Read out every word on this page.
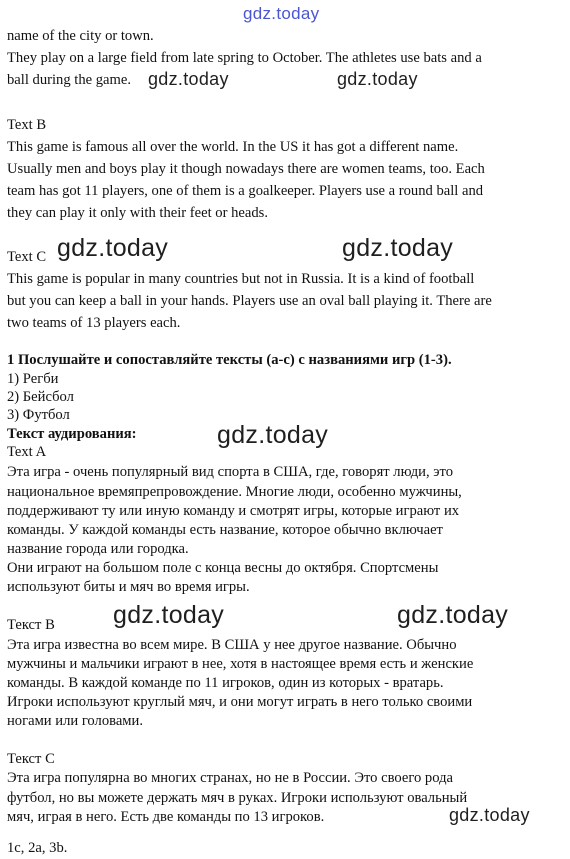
gdz.today
gdz.today	gdz.today
gdz.today	gdz.today
gdz.today
gdz.today	gdz.today
gdz.today
name of the city or town.
They play on a large field from late spring to October. The athletes use bats and a
ball during the game.
Text B
This game is famous all over the world. In the US it has got a different name.
Usually men and boys play it though nowadays there are women teams, too. Each
team has got 11 players, one of them is a goalkeeper. Players use a round ball and
they can play it only with their feet or heads.
Text C
This game is popular in many countries but not in Russia. It is a kind of football
but you can keep a ball in your hands. Players use an oval ball playing it. There are
two teams of 13 players each.
1 Послушайте и сопоставляйте тексты (а-с) с названиями игр (1-3).
1) Регби
2) Бейсбол
3) Футбол
Текст аудирования:
Text A
Эта игра - очень популярный вид спорта в США, где, говорят люди, это
национальное времяпрепровождение. Многие люди, особенно мужчины,
поддерживают ту или иную команду и смотрят игры, которые играют их
команды. У каждой команды есть название, которое обычно включает
название города или городка.
Они играют на большом поле с конца весны до октября. Спортсмены
используют биты и мяч во время игры.
Текст В
Эта игра известна во всем мире. В США у нее другое название. Обычно
мужчины и мальчики играют в нее, хотя в настоящее время есть и женские
команды. В каждой команде по 11 игроков, один из которых - вратарь.
Игроки используют круглый мяч, и они могут играть в него только своими
ногами или головами.
Текст С
Эта игра популярна во многих странах, но не в России. Это своего рода
футбол, но вы можете держать мяч в руках. Игроки используют овальный
мяч, играя в него. Есть две команды по 13 игроков.
1c, 2a, 3b.
